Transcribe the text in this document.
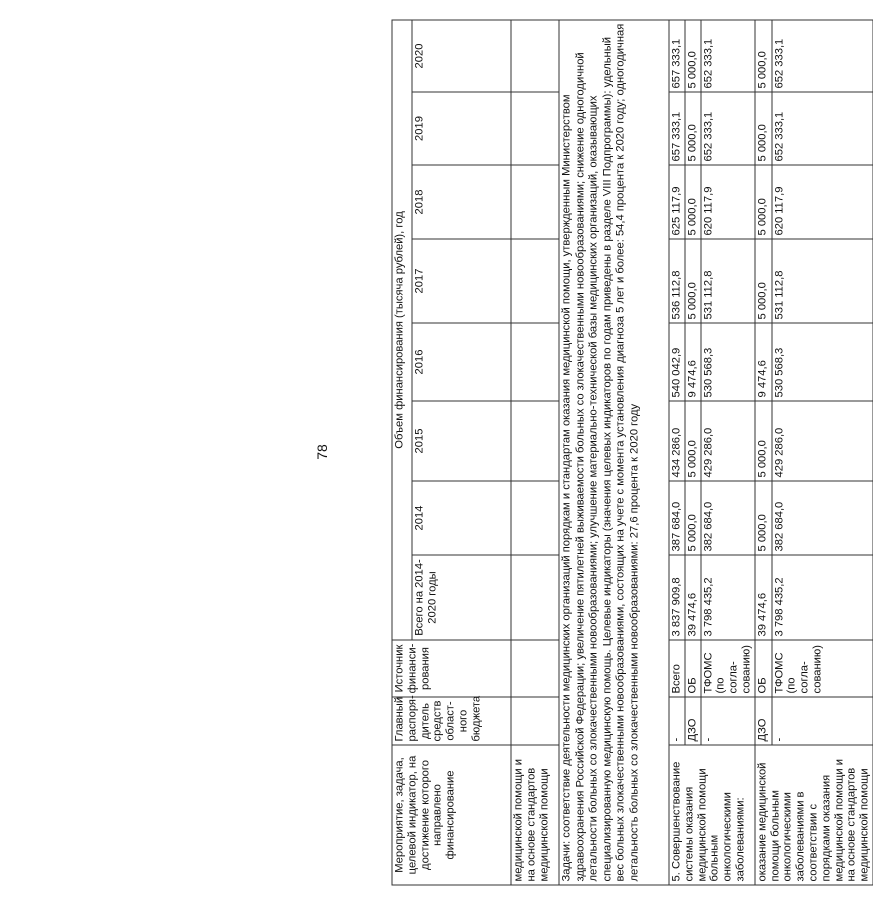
78
Мероприятие, задача, целевой индикатор, на достижение которого направлено финансирование	Главный распоря-дитель средств област-ного бюджета	Источник финанси-рования	Объем финансирования (тысяча рублей), год							
			Всего на 2014-2020 годы	2014	2015	2016	2017	2018	2019	2020
медицинской помощи и на основе стандартов медицинской помощи										
Задачи: соответствие деятельности медицинских организаций порядкам и стандартам оказания медицинской помощи, утвержденным Министерством здравоохранения Российской Федерации; увеличение пятилетней выживаемости больных со злокачественными новообразованиями; снижение одногодичной летальности больных со злокачественными новообразованиями; улучшение материально-технической базы медицинских организаций, оказывающих специализированную медицинскую помощь. Целевые индикаторы (значения целевых индикаторов по годам приведены в разделе VIII Подпрограммы): удельный вес больных злокачественными новообразованиями, состоящих на учете с момента установления диагноза 5 лет и более: 54,4 процента к 2020 году; одногодичная летальность больных со злокачественными новообразованиями: 27,6 процента к 2020 году										
5. Совершенствование системы оказания медицинской помощи больным онкологическими заболеваниями:	-	Всего	3 837 909,8	387 684,0	434 286,0	540 042,9	536 112,8	625 117,9	657 333,1	657 333,1
	ДЗО	ОБ	39 474,6	5 000,0	5 000,0	9 474,6	5 000,0	5 000,0	5 000,0	5 000,0
	-	ТФОМС (по согла-сованию)	3 798 435,2	382 684,0	429 286,0	530 568,3	531 112,8	620 117,9	652 333,1	652 333,1
оказание медицинской помощи больным онкологическими заболеваниями в соответствии с порядками оказания медицинской помощи и на основе стандартов медицинской помощи	ДЗО	ОБ	39 474,6	5 000,0	5 000,0	9 474,6	5 000,0	5 000,0	5 000,0	5 000,0
	-	ТФОМС (по согла-сованию)	3 798 435,2	382 684,0	429 286,0	530 568,3	531 112,8	620 117,9	652 333,1	652 333,1
